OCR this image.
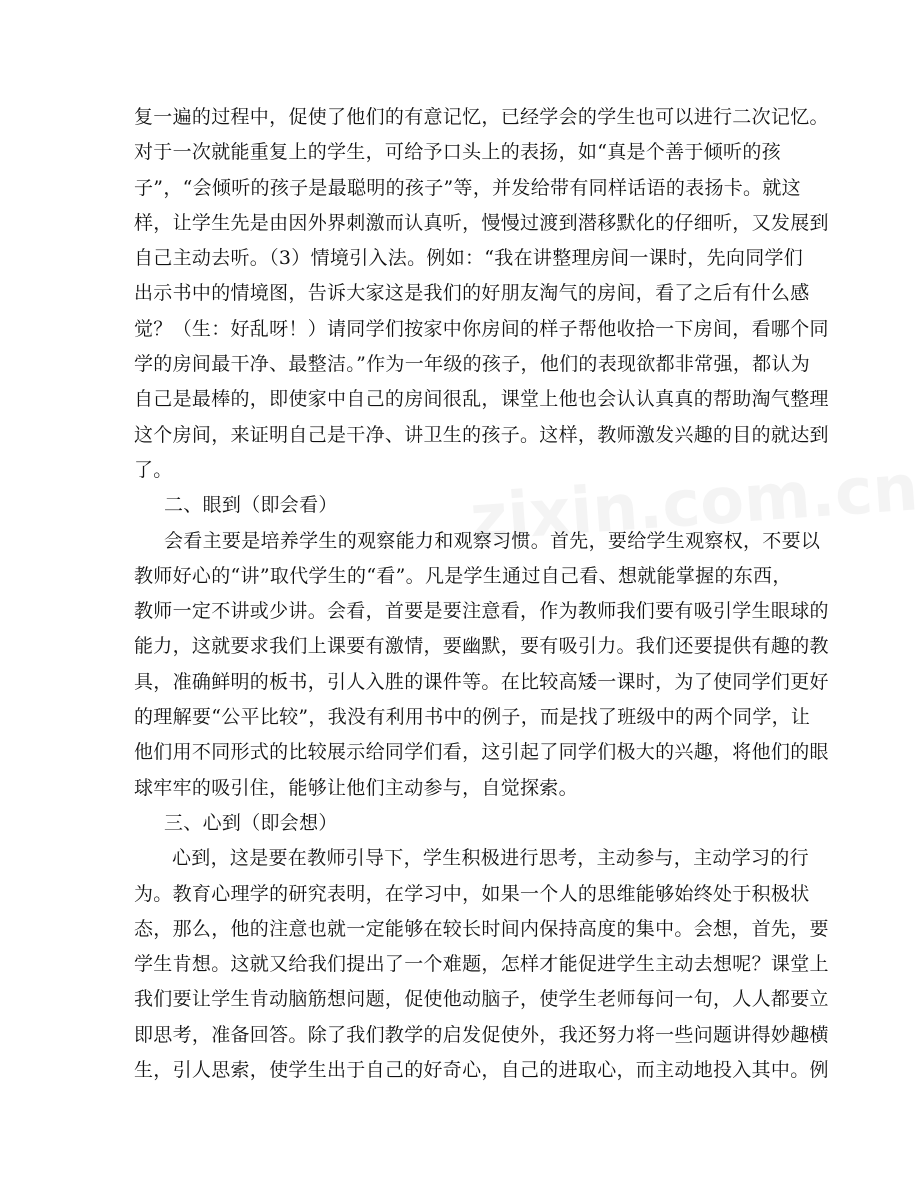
复一遍的过程中，促使了他们的有意记忆，已经学会的学生也可以进行二次记忆。
对于一次就能重复上的学生，可给予口头上的表扬，如“真是个善于倾听的孩
子”，“会倾听的孩子是最聪明的孩子”等，并发给带有同样话语的表扬卡。就这
样，让学生先是由因外界刺激而认真听，慢慢过渡到潜移默化的仔细听，又发展到
自己主动去听。（3）情境引入法。例如：“我在讲整理房间一课时，先向同学们
出示书中的情境图，告诉大家这是我们的好朋友淘气的房间，看了之后有什么感
觉？（生：好乱呀！）请同学们按家中你房间的样子帮他收拾一下房间，看哪个同
学的房间最干净、最整洁。”作为一年级的孩子，他们的表现欲都非常强，都认为
自己是最棒的，即使家中自己的房间很乱，课堂上他也会认认真真的帮助淘气整理
这个房间，来证明自己是干净、讲卫生的孩子。这样，教师激发兴趣的目的就达到
了。
二、眼到（即会看）
会看主要是培养学生的观察能力和观察习惯。首先，要给学生观察权，不要以
教师好心的“讲”取代学生的“看”。凡是学生通过自己看、想就能掌握的东西，
教师一定不讲或少讲。会看，首要是要注意看，作为教师我们要有吸引学生眼球的
能力，这就要求我们上课要有激情，要幽默，要有吸引力。我们还要提供有趣的教
具，准确鲜明的板书，引人入胜的课件等。在比较高矮一课时，为了使同学们更好
的理解要“公平比较”，我没有利用书中的例子，而是找了班级中的两个同学，让
他们用不同形式的比较展示给同学们看，这引起了同学们极大的兴趣，将他们的眼
球牢牢的吸引住，能够让他们主动参与，自觉探索。
三、心到（即会想）
心到，这是要在教师引导下，学生积极进行思考，主动参与，主动学习的行
为。教育心理学的研究表明，在学习中，如果一个人的思维能够始终处于积极状
态，那么，他的注意也就一定能够在较长时间内保持高度的集中。会想，首先，要
学生肯想。这就又给我们提出了一个难题，怎样才能促进学生主动去想呢？课堂上
我们要让学生肯动脑筋想问题，促使他动脑子，使学生老师每问一句，人人都要立
即思考，准备回答。除了我们教学的启发促使外，我还努力将一些问题讲得妙趣横
生，引人思索，使学生出于自己的好奇心，自己的进取心，而主动地投入其中。例
